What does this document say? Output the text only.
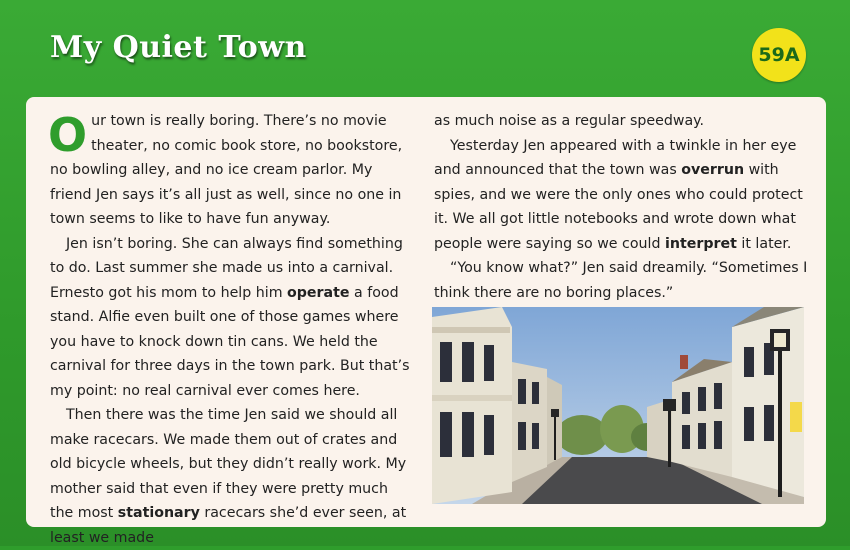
My Quiet Town	59A

Our town is really boring. There’s no movie theater, no comic book store, no bookstore, no bowling alley, and no ice cream parlor. My friend Jen says it’s all just as well, since no one in town seems to like to have fun anyway.

Jen isn’t boring. She can always find something to do. Last summer she made us into a carnival. Ernesto got his mom to help him operate a food stand. Alfie even built one of those games where you have to knock down tin cans. We held the carnival for three days in the town park. But that’s my point: no real carnival ever comes here.

Then there was the time Jen said we should all make racecars. We made them out of crates and old bicycle wheels, but they didn’t really work. My mother said that even if they were pretty much the most stationary racecars she’d ever seen, at least we made

as much noise as a regular speedway.

Yesterday Jen appeared with a twinkle in her eye and announced that the town was overrun with spies, and we were the only ones who could protect it. We all got little notebooks and wrote down what people were saying so we could interpret it later.

“You know what?” Jen said dreamily. “Sometimes I think there are no boring places.”
